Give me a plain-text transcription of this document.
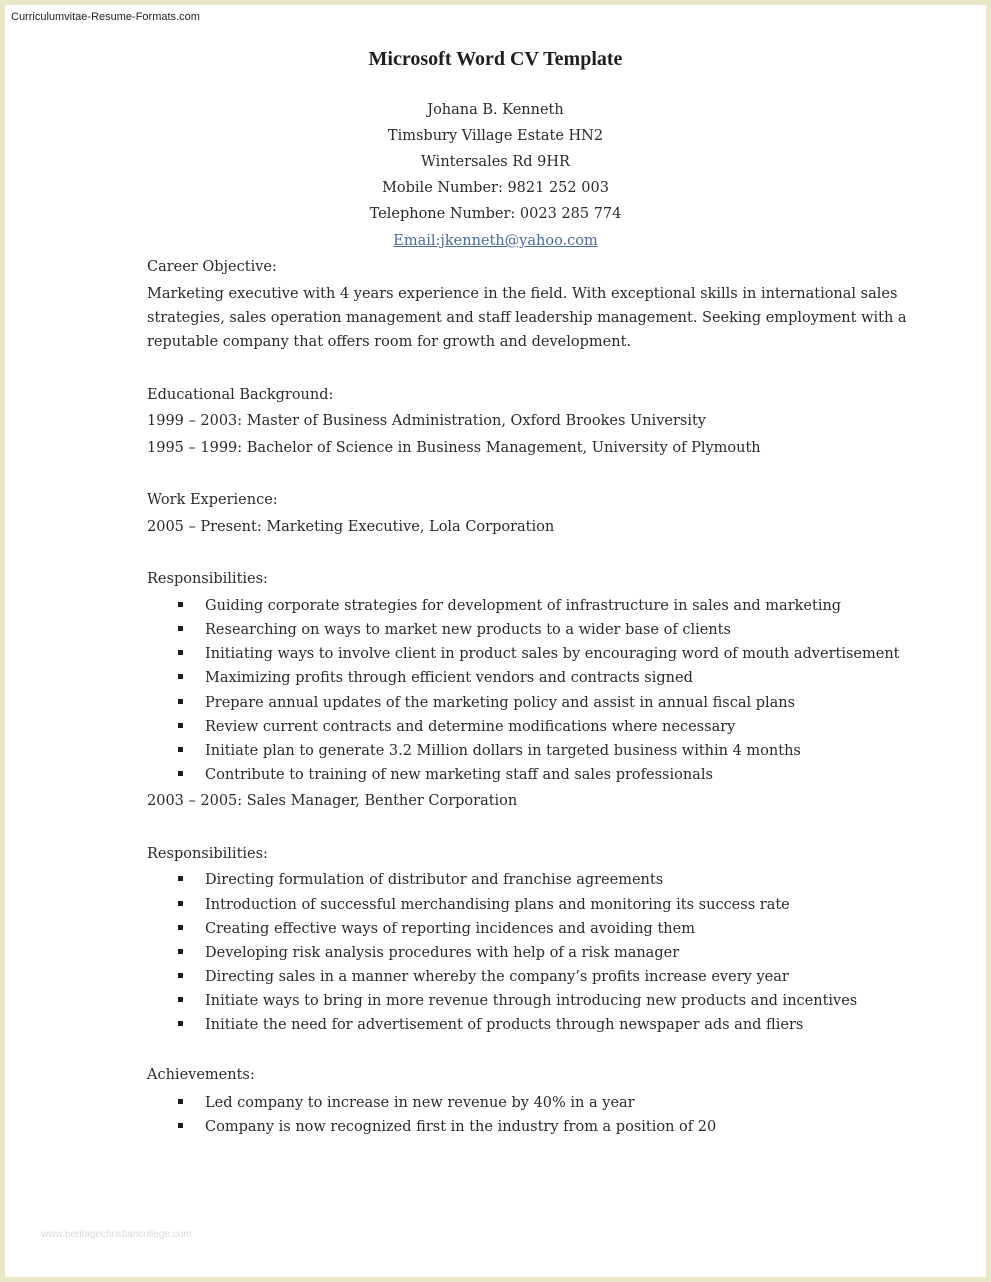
Curriculumvitae-Resume-Formats.com
Microsoft Word CV Template
Johana B. Kenneth
Timsbury Village Estate HN2
Wintersales Rd 9HR
Mobile Number: 9821 252 003
Telephone Number: 0023 285 774
Email:jkenneth@yahoo.com
Career Objective:
Marketing executive with 4 years experience in the field. With exceptional skills in international sales
strategies, sales operation management and staff leadership management. Seeking employment with a
reputable company that offers room for growth and development.
Educational Background:
1999 – 2003: Master of Business Administration, Oxford Brookes University
1995 – 1999: Bachelor of Science in Business Management, University of Plymouth
Work Experience:
2005 – Present: Marketing Executive, Lola Corporation
Responsibilities:
Guiding corporate strategies for development of infrastructure in sales and marketing
Researching on ways to market new products to a wider base of clients
Initiating ways to involve client in product sales by encouraging word of mouth advertisement
Maximizing profits through efficient vendors and contracts signed
Prepare annual updates of the marketing policy and assist in annual fiscal plans
Review current contracts and determine modifications where necessary
Initiate plan to generate 3.2 Million dollars in targeted business within 4 months
Contribute to training of new marketing staff and sales professionals
2003 – 2005: Sales Manager, Benther Corporation
Responsibilities:
Directing formulation of distributor and franchise agreements
Introduction of successful merchandising plans and monitoring its success rate
Creating effective ways of reporting incidences and avoiding them
Developing risk analysis procedures with help of a risk manager
Directing sales in a manner whereby the company’s profits increase every year
Initiate ways to bring in more revenue through introducing new products and incentives
Initiate the need for advertisement of products through newspaper ads and fliers
Achievements:
Led company to increase in new revenue by 40% in a year
Company is now recognized first in the industry from a position of 20
www.heritagechristiancollege.com
